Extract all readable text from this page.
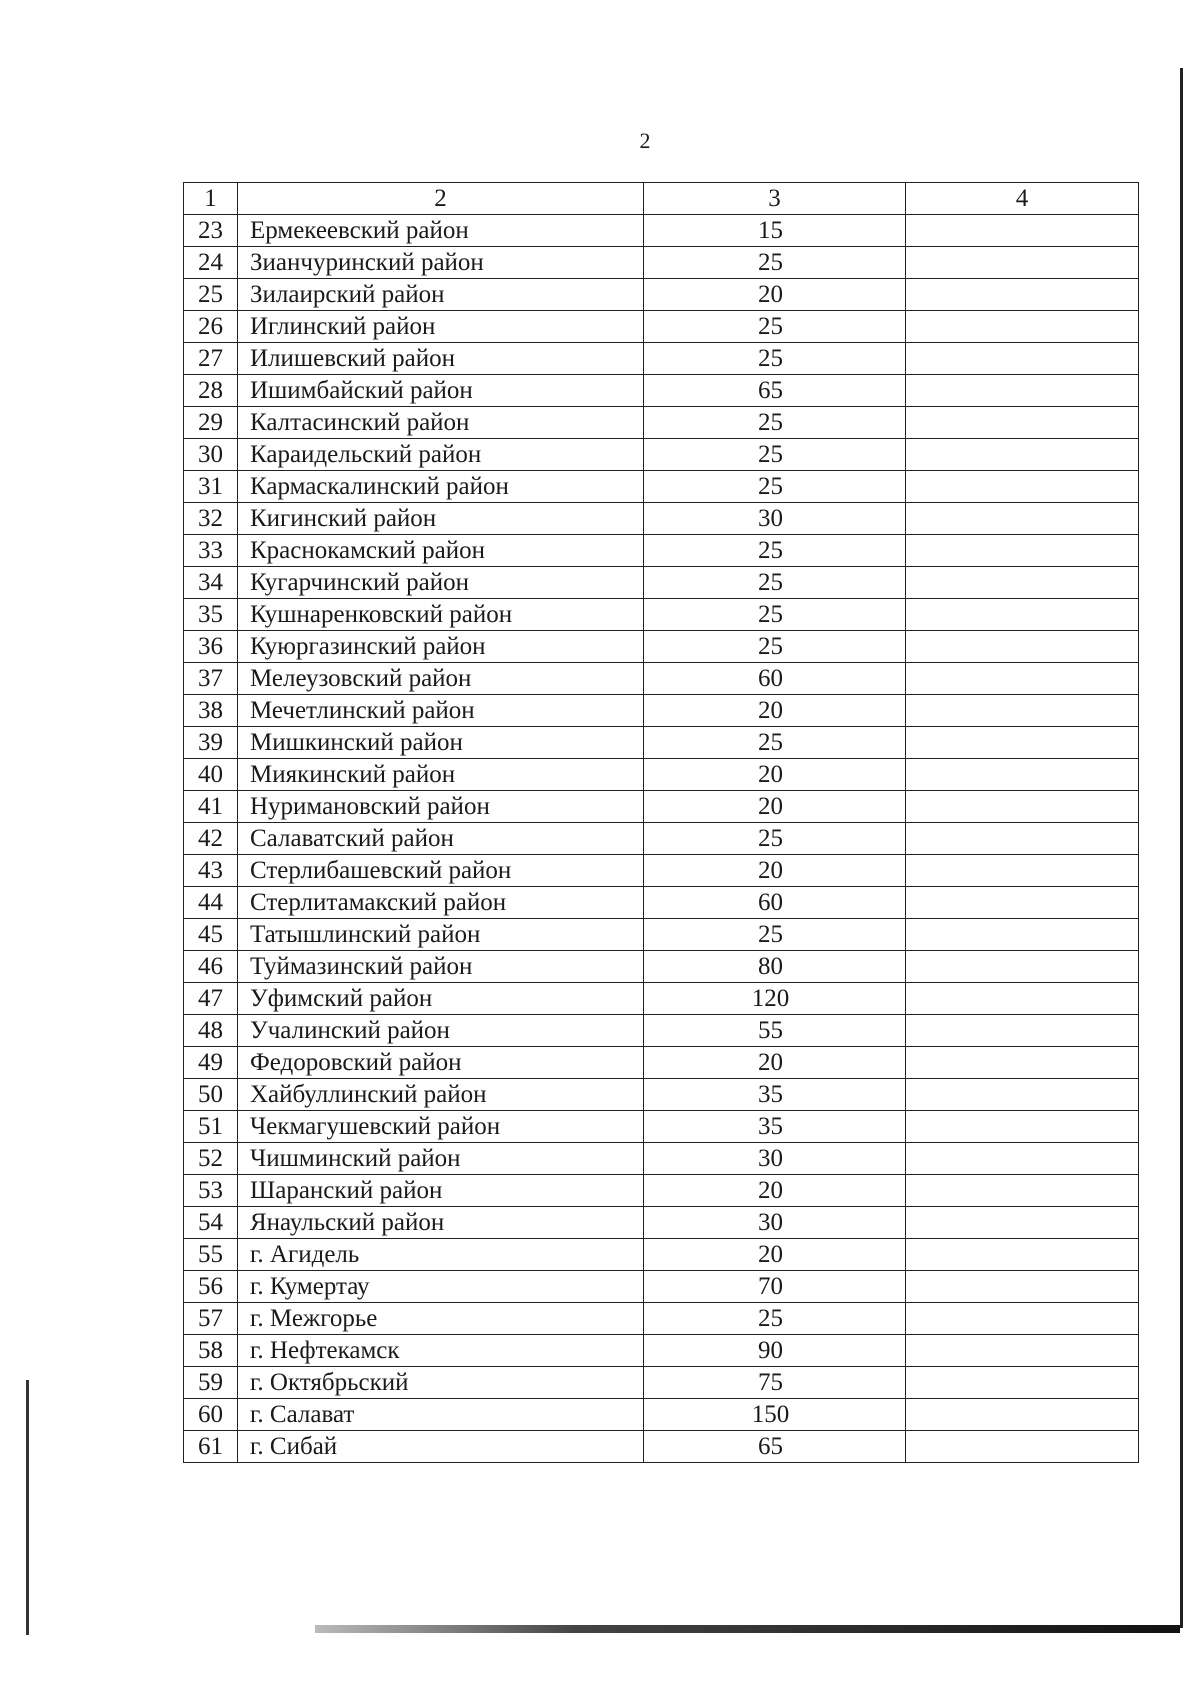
2
1	2	3	4
23	Ермекеевский район	15	
24	Зианчуринский район	25	
25	Зилаирский район	20	
26	Иглинский район	25	
27	Илишевский район	25	
28	Ишимбайский район	65	
29	Калтасинский район	25	
30	Караидельский район	25	
31	Кармаскалинский район	25	
32	Кигинский район	30	
33	Краснокамский район	25	
34	Кугарчинский район	25	
35	Кушнаренковский район	25	
36	Куюргазинский район	25	
37	Мелеузовский район	60	
38	Мечетлинский район	20	
39	Мишкинский район	25	
40	Миякинский район	20	
41	Нуримановский район	20	
42	Салаватский район	25	
43	Стерлибашевский район	20	
44	Стерлитамакский район	60	
45	Татышлинский район	25	
46	Туймазинский район	80	
47	Уфимский район	120	
48	Учалинский район	55	
49	Федоровский район	20	
50	Хайбуллинский район	35	
51	Чекмагушевский район	35	
52	Чишминский район	30	
53	Шаранский район	20	
54	Янаульский район	30	
55	г. Агидель	20	
56	г. Кумертау	70	
57	г. Межгорье	25	
58	г. Нефтекамск	90	
59	г. Октябрьский	75	
60	г. Салават	150	
61	г. Сибай	65	
